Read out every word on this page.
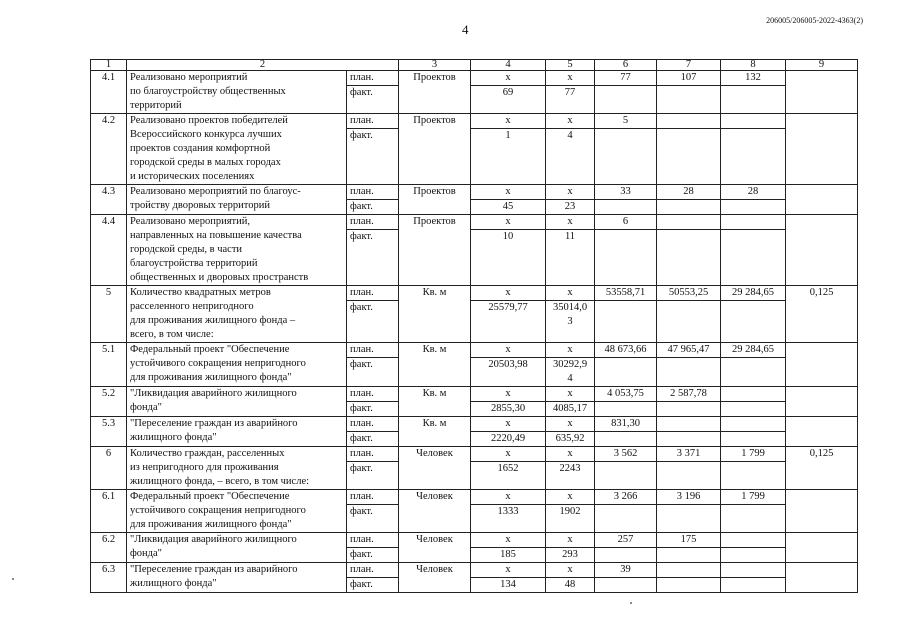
4
206005/206005-2022-4363(2)
1	2		3	4	5	6	7	8	9
4.1	Реализовано мероприятий
по благоустройству общественных
территорий	план.	Проектов	х	х	77	107	132	
		факт.		69	77				
4.2	Реализовано проектов победителей
Всероссийского конкурса лучших
проектов создания комфортной
городской среды в малых городах
и исторических поселениях	план.	Проектов	х	х	5			
		факт.		1	4				
4.3	Реализовано мероприятий по благоус-
тройству дворовых территорий	план.	Проектов	х	х	33	28	28	
		факт.		45	23				
4.4	Реализовано мероприятий,
направленных на повышение качества
городской среды, в части
благоустройства территорий
общественных и дворовых пространств	план.	Проектов	х	х	6			
		факт.		10	11				
5	Количество квадратных метров
расселенного непригодного
для проживания жилищного фонда –
всего, в том числе:	план.	Кв. м	х	х	53558,71	50553,25	29 284,65	0,125
		факт.		25579,77	35014,0
3				
5.1	Федеральный проект "Обеспечение
устойчивого сокращения непригодного
для проживания жилищного фонда"	план.	Кв. м	х	х	48 673,66	47 965,47	29 284,65	
		факт.		20503,98	30292,9
4				
5.2	"Ликвидация аварийного жилищного
фонда"	план.	Кв. м	х	х	4 053,75	2 587,78		
		факт.		2855,30	4085,17				
5.3	"Переселение граждан из аварийного
жилищного фонда"	план.	Кв. м	х	х	831,30			
		факт.		2220,49	635,92				
6	Количество граждан, расселенных
из непригодного для проживания
жилищного фонда, – всего, в том числе:	план.	Человек	х	х	3 562	3 371	1 799	0,125
		факт.		1652	2243				
6.1	Федеральный проект "Обеспечение
устойчивого сокращения непригодного
для проживания жилищного фонда"	план.	Человек	х	х	3 266	3 196	1 799	
		факт.		1333	1902				
6.2	"Ликвидация аварийного жилищного
фонда"	план.	Человек	х	х	257	175		
		факт.		185	293				
6.3	"Переселение граждан из аварийного
жилищного фонда"	план.	Человек	х	х	39			
		факт.		134	48				
